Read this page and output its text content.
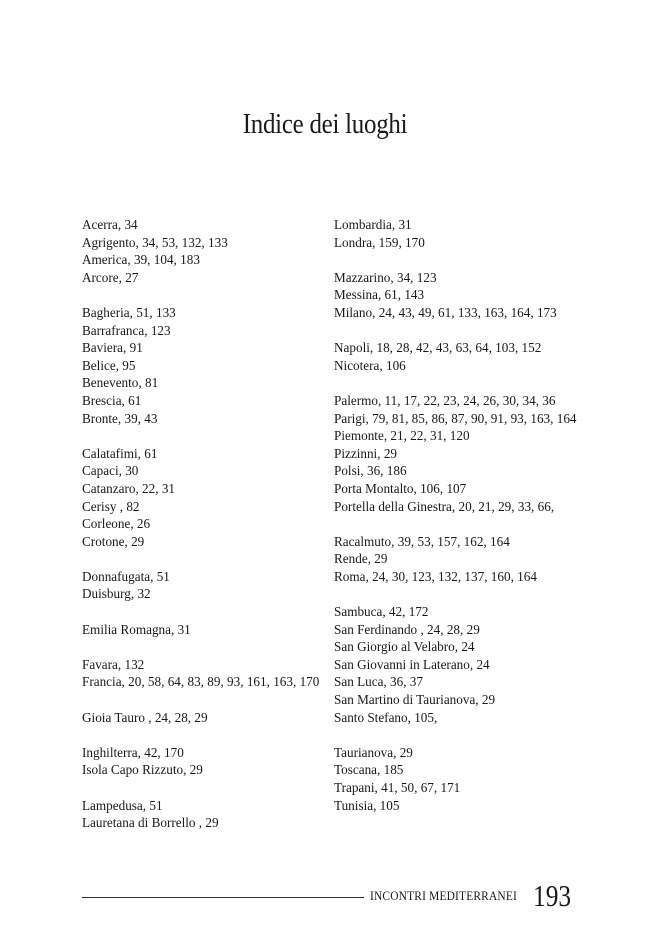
Indice dei luoghi
Acerra, 34
Agrigento, 34, 53, 132, 133
America, 39, 104, 183
Arcore, 27
Bagheria, 51, 133
Barrafranca, 123
Baviera, 91
Belice, 95
Benevento, 81
Brescia, 61
Bronte, 39, 43
Calatafimi, 61
Capaci, 30
Catanzaro, 22, 31
Cerisy , 82
Corleone, 26
Crotone, 29
Donnafugata, 51
Duisburg, 32
Emilia Romagna, 31
Favara, 132
Francia, 20, 58, 64, 83, 89, 93, 161, 163, 170
Gioia Tauro , 24, 28, 29
Inghilterra, 42, 170
Isola Capo Rizzuto, 29
Lampedusa, 51
Lauretana di Borrello , 29
Lombardia, 31
Londra, 159, 170
Mazzarino, 34, 123
Messina, 61, 143
Milano, 24, 43, 49, 61, 133, 163, 164, 173
Napoli, 18, 28, 42, 43, 63, 64, 103, 152
Nicotera, 106
Palermo, 11, 17, 22, 23, 24, 26, 30, 34, 36
Parigi, 79, 81, 85, 86, 87, 90, 91, 93, 163, 164
Piemonte, 21, 22, 31, 120
Pizzinni, 29
Polsi, 36, 186
Porta Montalto, 106, 107
Portella della Ginestra, 20, 21, 29, 33, 66,
Racalmuto, 39, 53, 157, 162, 164
Rende, 29
Roma, 24, 30, 123, 132, 137, 160, 164
Sambuca, 42, 172
San Ferdinando , 24, 28, 29
San Giorgio al Velabro, 24
San Giovanni in Laterano, 24
San Luca, 36, 37
San Martino di Taurianova, 29
Santo Stefano, 105,
Taurianova, 29
Toscana, 185
Trapani, 41, 50, 67, 171
Tunisia, 105
INCONTRI MEDITERRANEI 193
